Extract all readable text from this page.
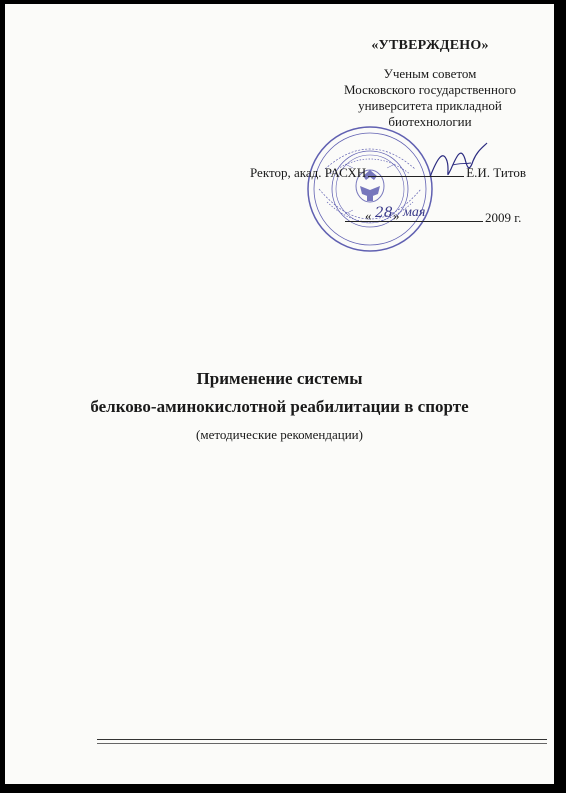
«УТВЕРЖДЕНО»
Ученым советом
Московского государственного
университета прикладной
биотехнологии
Ректор, акад. РАСХН	Е.И. Титов
« 28 » мая	2009 г.
Применение системы
белково-аминокислотной реабилитации в спорте
(методические рекомендации)
